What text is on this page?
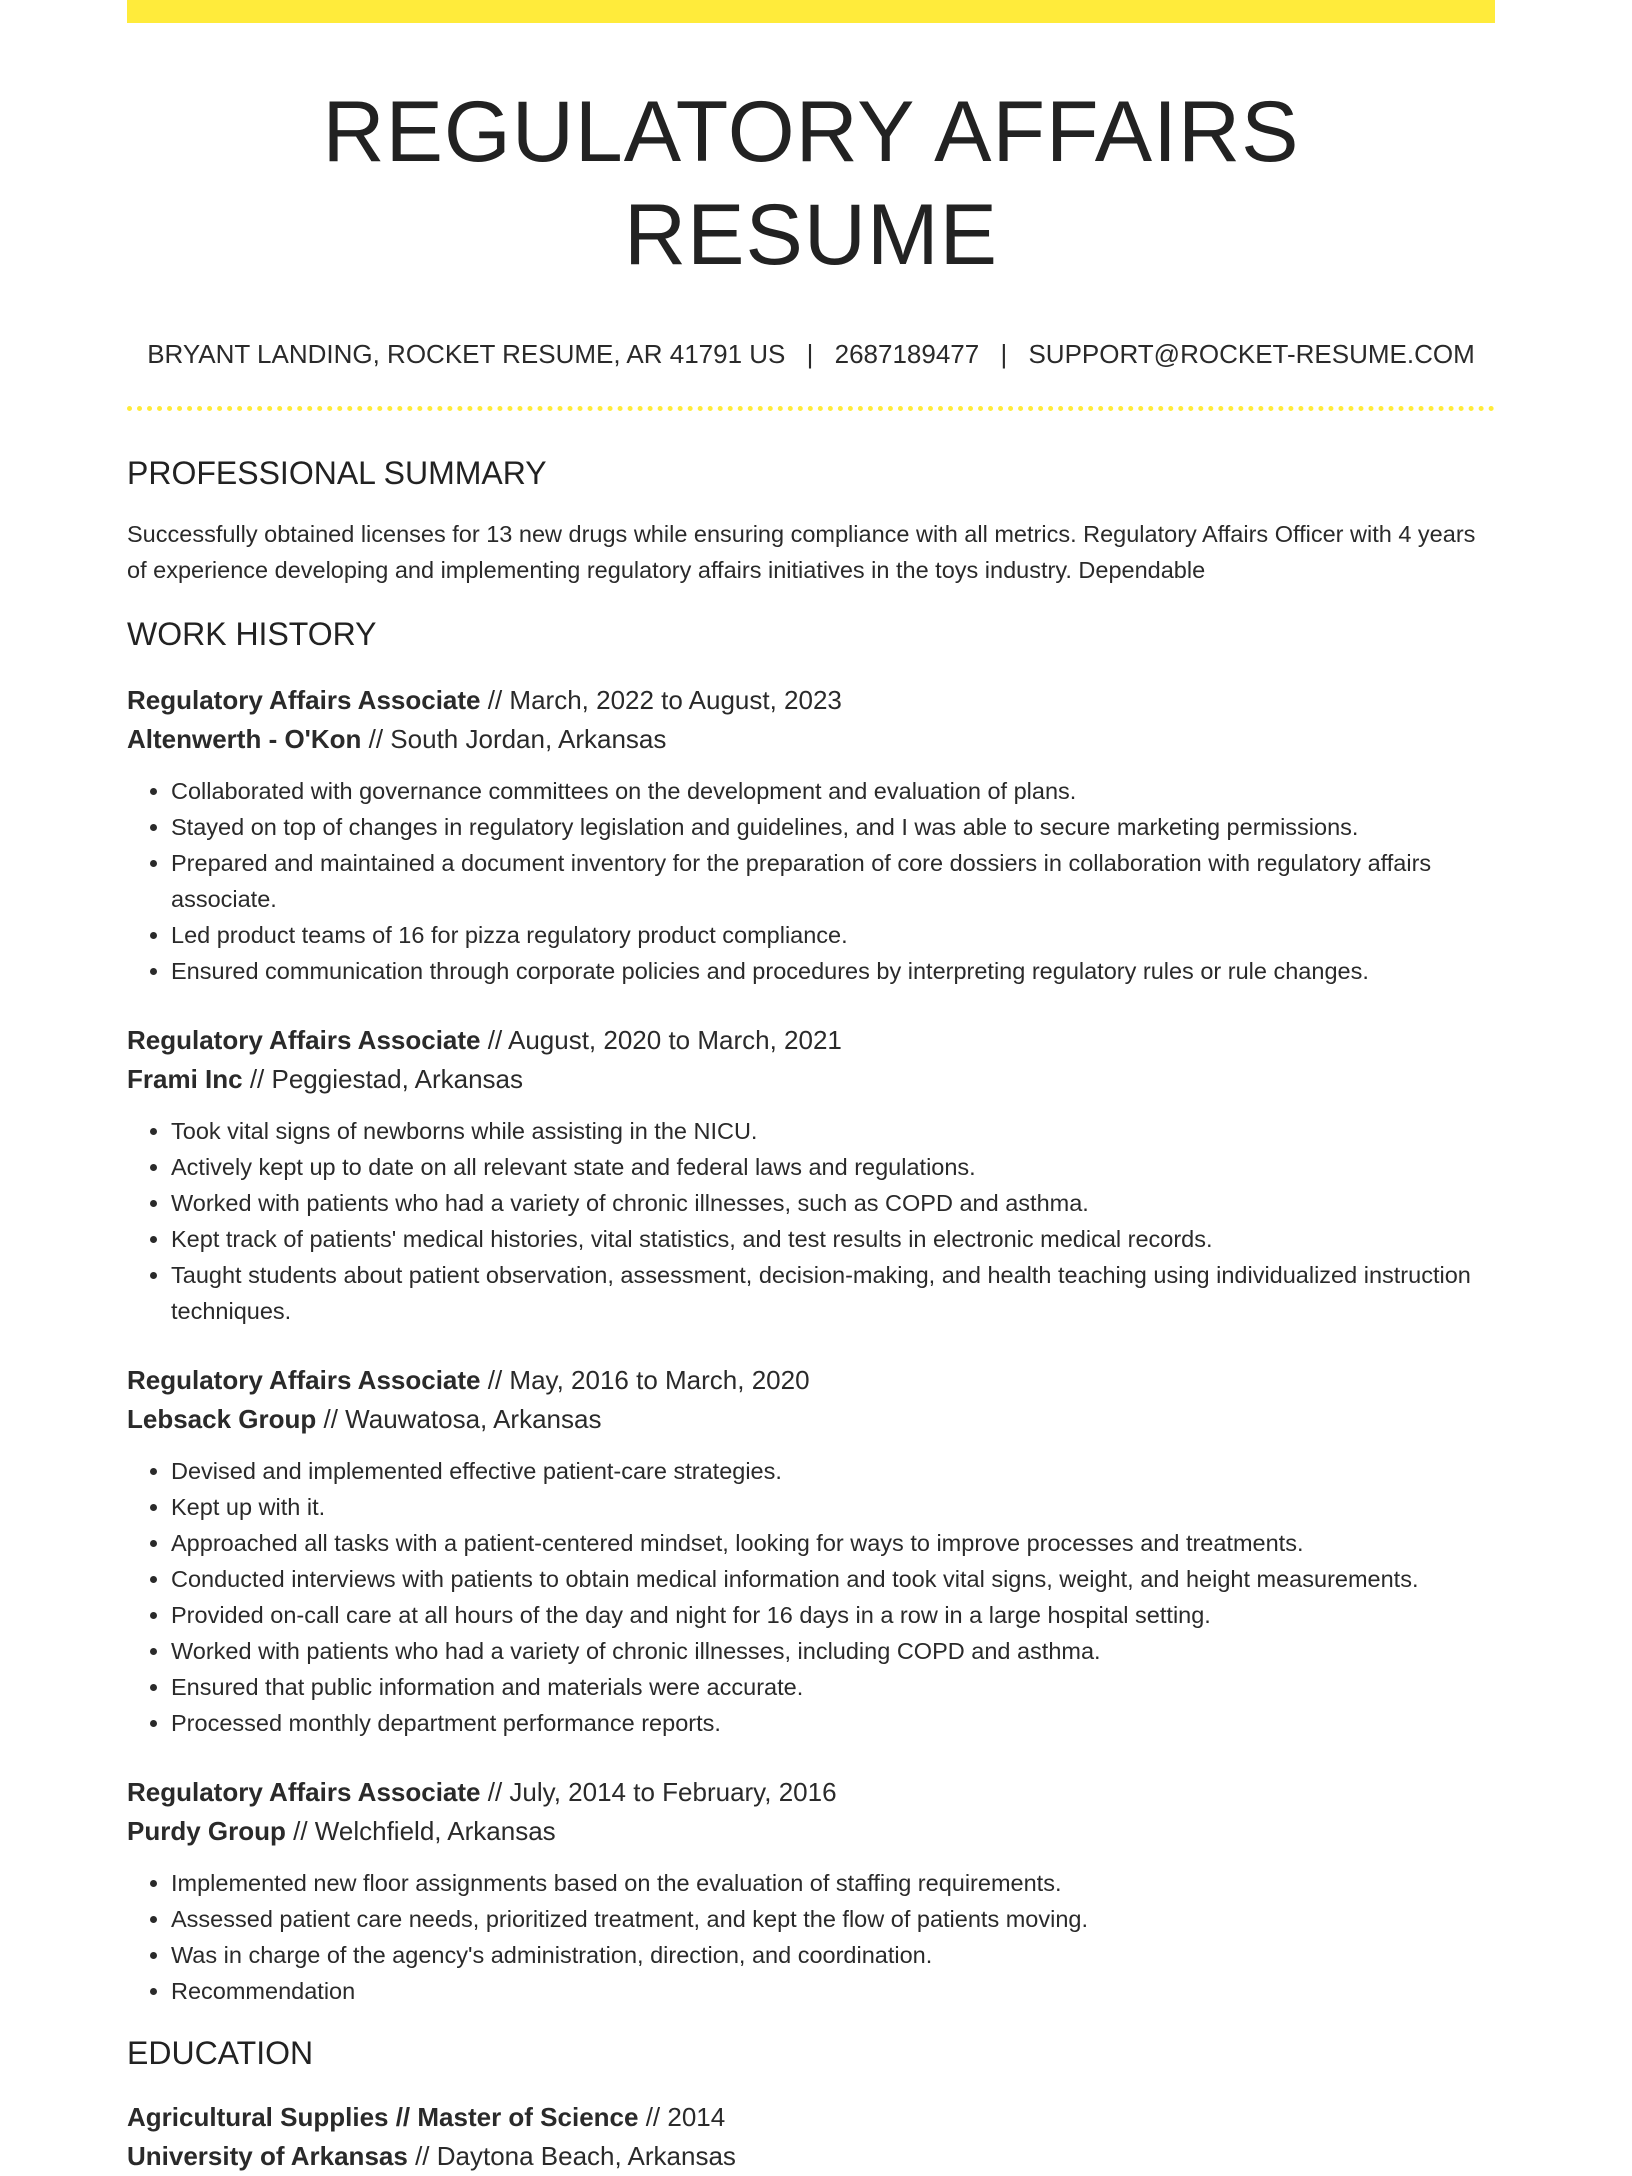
REGULATORY AFFAIRS RESUME
BRYANT LANDING, ROCKET RESUME, AR 41791 US | 2687189477 | SUPPORT@ROCKET-RESUME.COM
PROFESSIONAL SUMMARY

Successfully obtained licenses for 13 new drugs while ensuring compliance with all metrics. Regulatory Affairs Officer with 4 years of experience developing and implementing regulatory affairs initiatives in the toys industry. Dependable

WORK HISTORY
Regulatory Affairs Associate // March, 2022 to August, 2023
Altenwerth - O'Kon // South Jordan, Arkansas
• Collaborated with governance committees on the development and evaluation of plans.
• Stayed on top of changes in regulatory legislation and guidelines, and I was able to secure marketing permissions.
• Prepared and maintained a document inventory for the preparation of core dossiers in collaboration with regulatory affairs associate.
• Led product teams of 16 for pizza regulatory product compliance.
• Ensured communication through corporate policies and procedures by interpreting regulatory rules or rule changes.
Regulatory Affairs Associate // August, 2020 to March, 2021
Frami Inc // Peggiestad, Arkansas
• Took vital signs of newborns while assisting in the NICU.
• Actively kept up to date on all relevant state and federal laws and regulations.
• Worked with patients who had a variety of chronic illnesses, such as COPD and asthma.
• Kept track of patients' medical histories, vital statistics, and test results in electronic medical records.
• Taught students about patient observation, assessment, decision-making, and health teaching using individualized instruction techniques.
Regulatory Affairs Associate // May, 2016 to March, 2020
Lebsack Group // Wauwatosa, Arkansas
• Devised and implemented effective patient-care strategies.
• Kept up with it.
• Approached all tasks with a patient-centered mindset, looking for ways to improve processes and treatments.
• Conducted interviews with patients to obtain medical information and took vital signs, weight, and height measurements.
• Provided on-call care at all hours of the day and night for 16 days in a row in a large hospital setting.
• Worked with patients who had a variety of chronic illnesses, including COPD and asthma.
• Ensured that public information and materials were accurate.
• Processed monthly department performance reports.
Regulatory Affairs Associate // July, 2014 to February, 2016
Purdy Group // Welchfield, Arkansas
• Implemented new floor assignments based on the evaluation of staffing requirements.
• Assessed patient care needs, prioritized treatment, and kept the flow of patients moving.
• Was in charge of the agency's administration, direction, and coordination.
• Recommendation
EDUCATION
Agricultural Supplies // Master of Science // 2014
University of Arkansas // Daytona Beach, Arkansas
